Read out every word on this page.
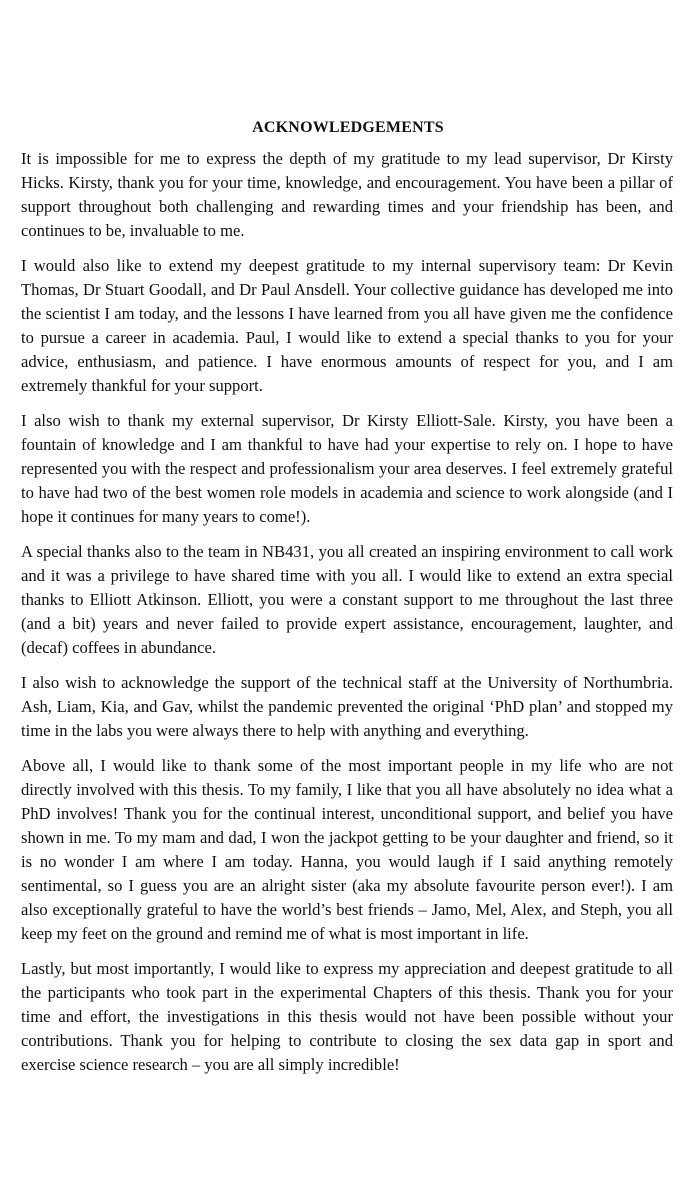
ACKNOWLEDGEMENTS

It is impossible for me to express the depth of my gratitude to my lead supervisor, Dr Kirsty Hicks. Kirsty, thank you for your time, knowledge, and encouragement. You have been a pillar of support throughout both challenging and rewarding times and your friendship has been, and continues to be, invaluable to me.

I would also like to extend my deepest gratitude to my internal supervisory team: Dr Kevin Thomas, Dr Stuart Goodall, and Dr Paul Ansdell. Your collective guidance has developed me into the scientist I am today, and the lessons I have learned from you all have given me the confidence to pursue a career in academia. Paul, I would like to extend a special thanks to you for your advice, enthusiasm, and patience. I have enormous amounts of respect for you, and I am extremely thankful for your support.

I also wish to thank my external supervisor, Dr Kirsty Elliott-Sale. Kirsty, you have been a fountain of knowledge and I am thankful to have had your expertise to rely on. I hope to have represented you with the respect and professionalism your area deserves. I feel extremely grateful to have had two of the best women role models in academia and science to work alongside (and I hope it continues for many years to come!).

A special thanks also to the team in NB431, you all created an inspiring environment to call work and it was a privilege to have shared time with you all. I would like to extend an extra special thanks to Elliott Atkinson. Elliott, you were a constant support to me throughout the last three (and a bit) years and never failed to provide expert assistance, encouragement, laughter, and (decaf) coffees in abundance.

I also wish to acknowledge the support of the technical staff at the University of Northumbria. Ash, Liam, Kia, and Gav, whilst the pandemic prevented the original ‘PhD plan’ and stopped my time in the labs you were always there to help with anything and everything.

Above all, I would like to thank some of the most important people in my life who are not directly involved with this thesis. To my family, I like that you all have absolutely no idea what a PhD involves! Thank you for the continual interest, unconditional support, and belief you have shown in me. To my mam and dad, I won the jackpot getting to be your daughter and friend, so it is no wonder I am where I am today. Hanna, you would laugh if I said anything remotely sentimental, so I guess you are an alright sister (aka my absolute favourite person ever!). I am also exceptionally grateful to have the world’s best friends – Jamo, Mel, Alex, and Steph, you all keep my feet on the ground and remind me of what is most important in life.

Lastly, but most importantly, I would like to express my appreciation and deepest gratitude to all the participants who took part in the experimental Chapters of this thesis. Thank you for your time and effort, the investigations in this thesis would not have been possible without your contributions. Thank you for helping to contribute to closing the sex data gap in sport and exercise science research – you are all simply incredible!
